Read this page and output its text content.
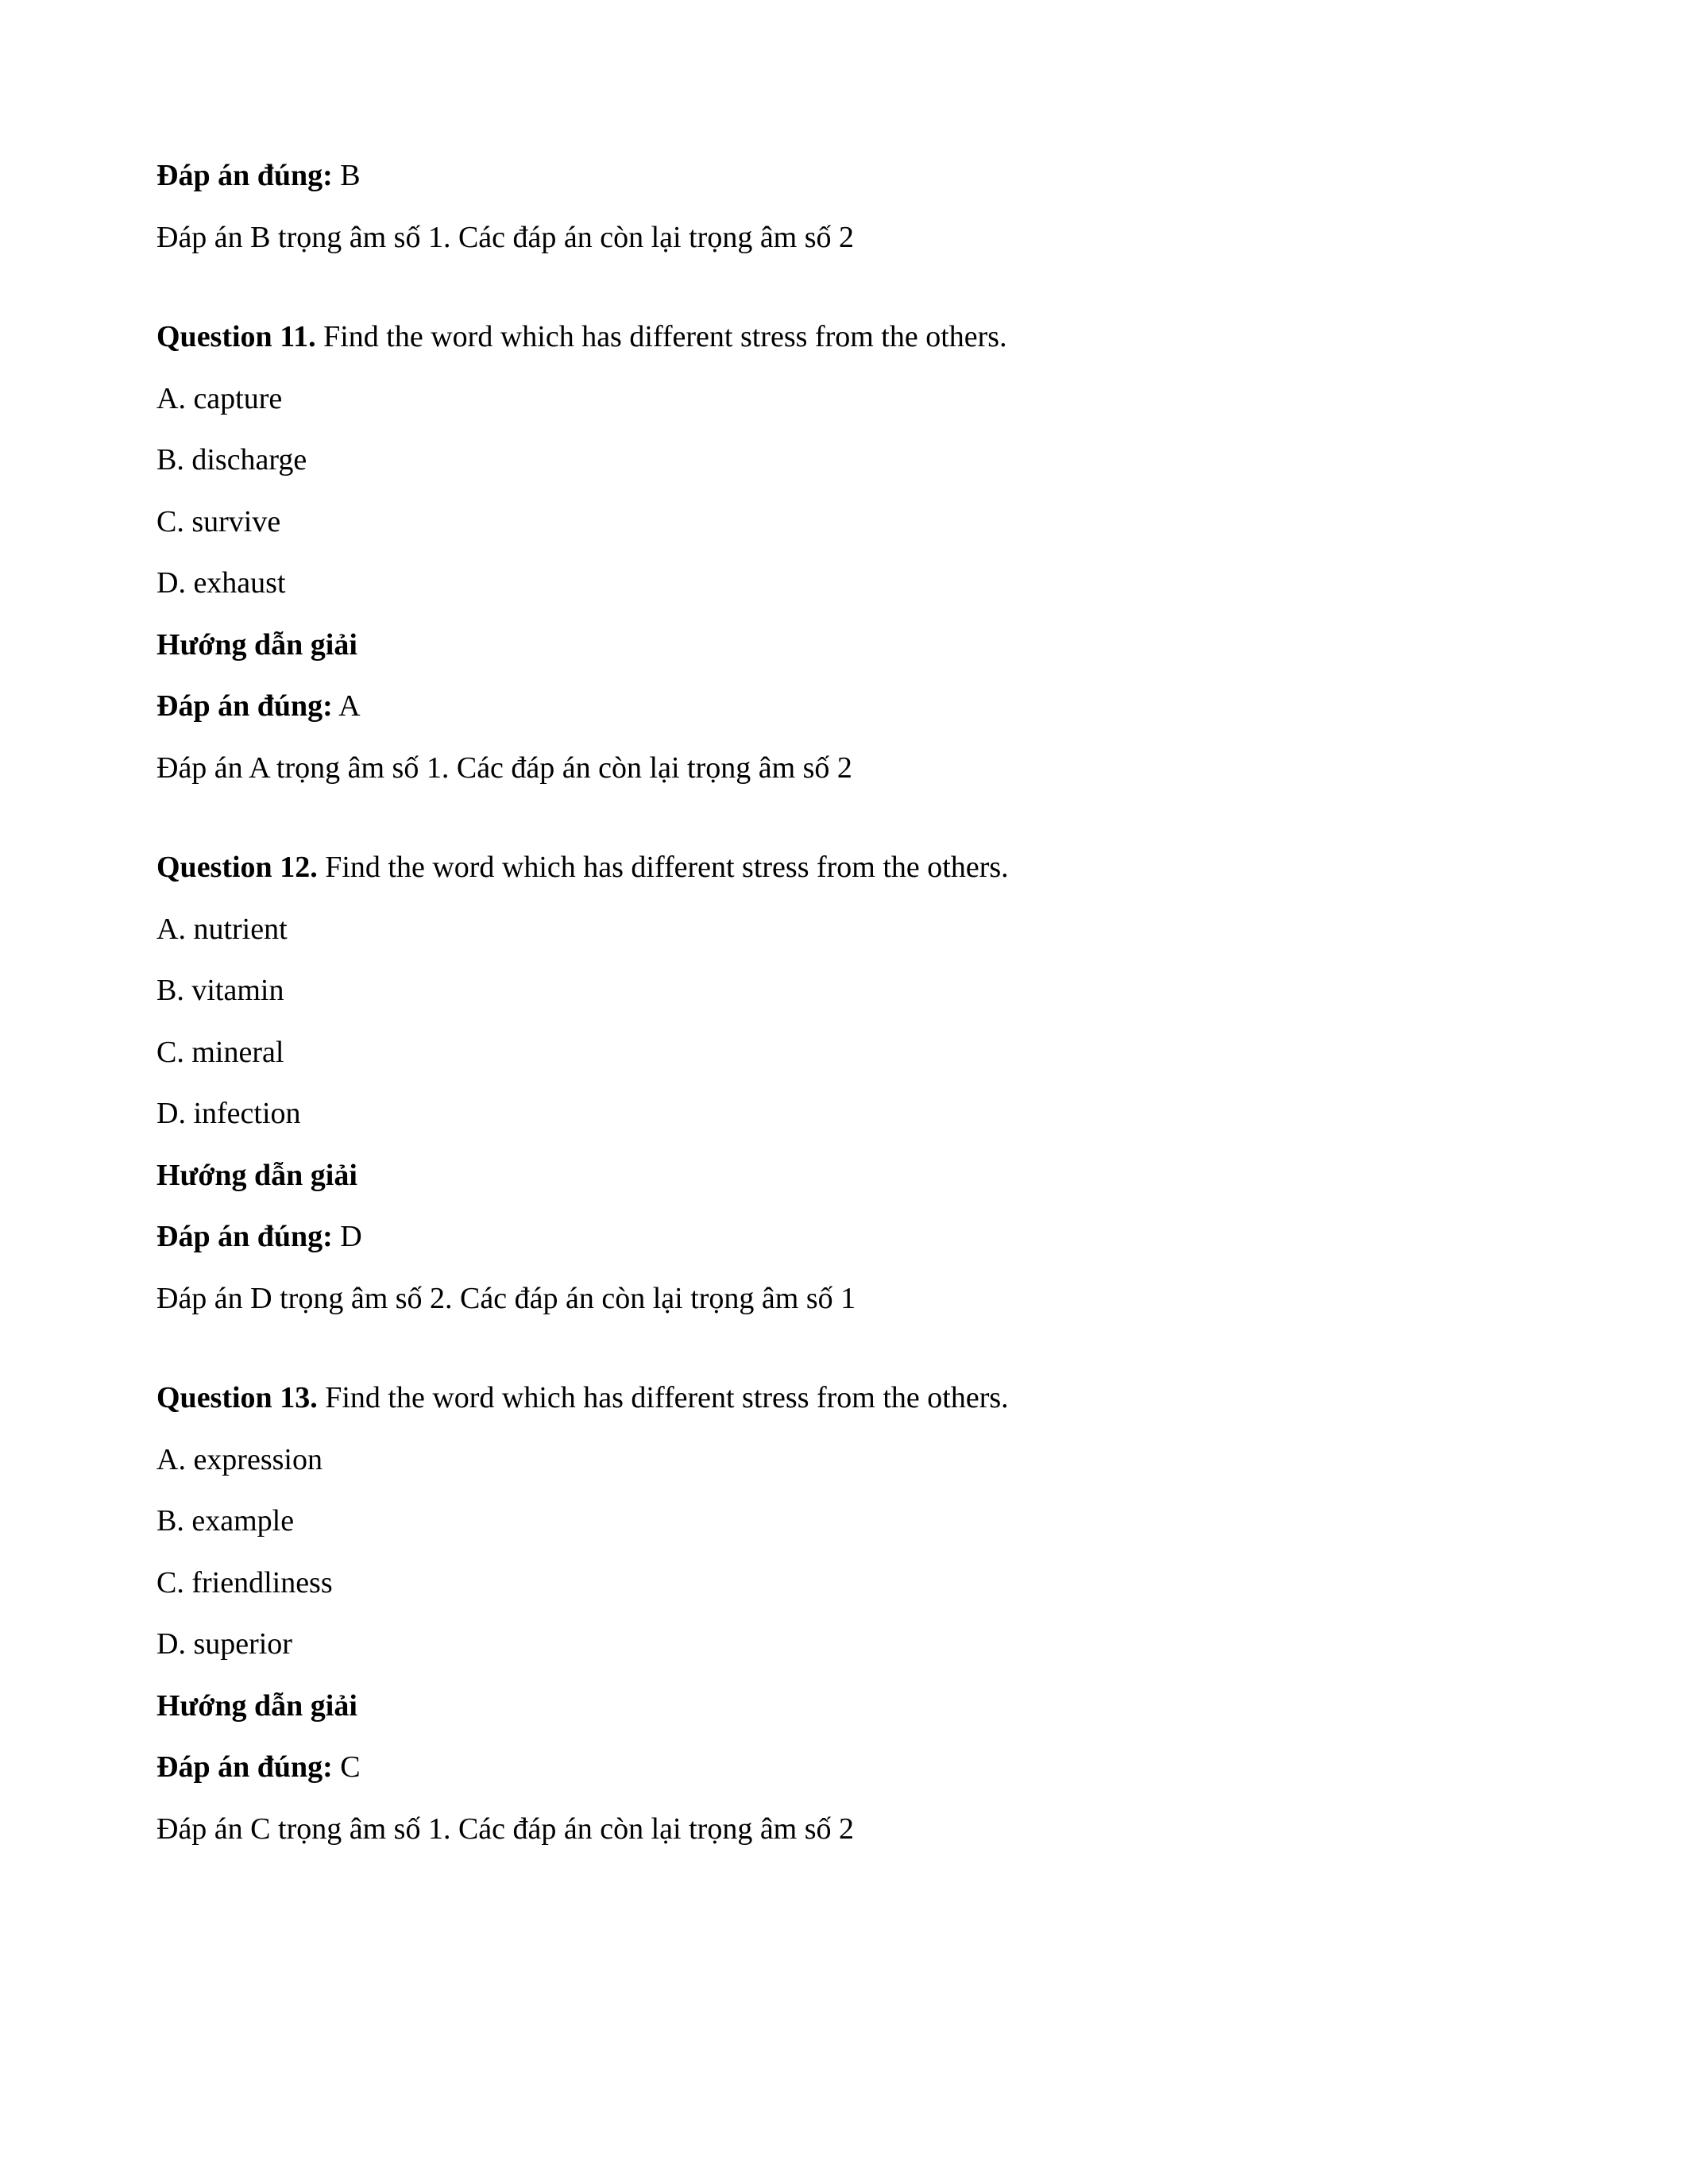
Đáp án đúng: B

Đáp án B trọng âm số 1. Các đáp án còn lại trọng âm số 2

Question 11. Find the word which has different stress from the others.

A. capture

B. discharge

C. survive

D. exhaust

Hướng dẫn giải

Đáp án đúng: A

Đáp án A trọng âm số 1. Các đáp án còn lại trọng âm số 2

Question 12. Find the word which has different stress from the others.

A. nutrient

B. vitamin

C. mineral

D. infection

Hướng dẫn giải

Đáp án đúng: D

Đáp án D trọng âm số 2. Các đáp án còn lại trọng âm số 1

Question 13. Find the word which has different stress from the others.

A. expression

B. example

C. friendliness

D. superior

Hướng dẫn giải

Đáp án đúng: C

Đáp án C trọng âm số 1. Các đáp án còn lại trọng âm số 2
